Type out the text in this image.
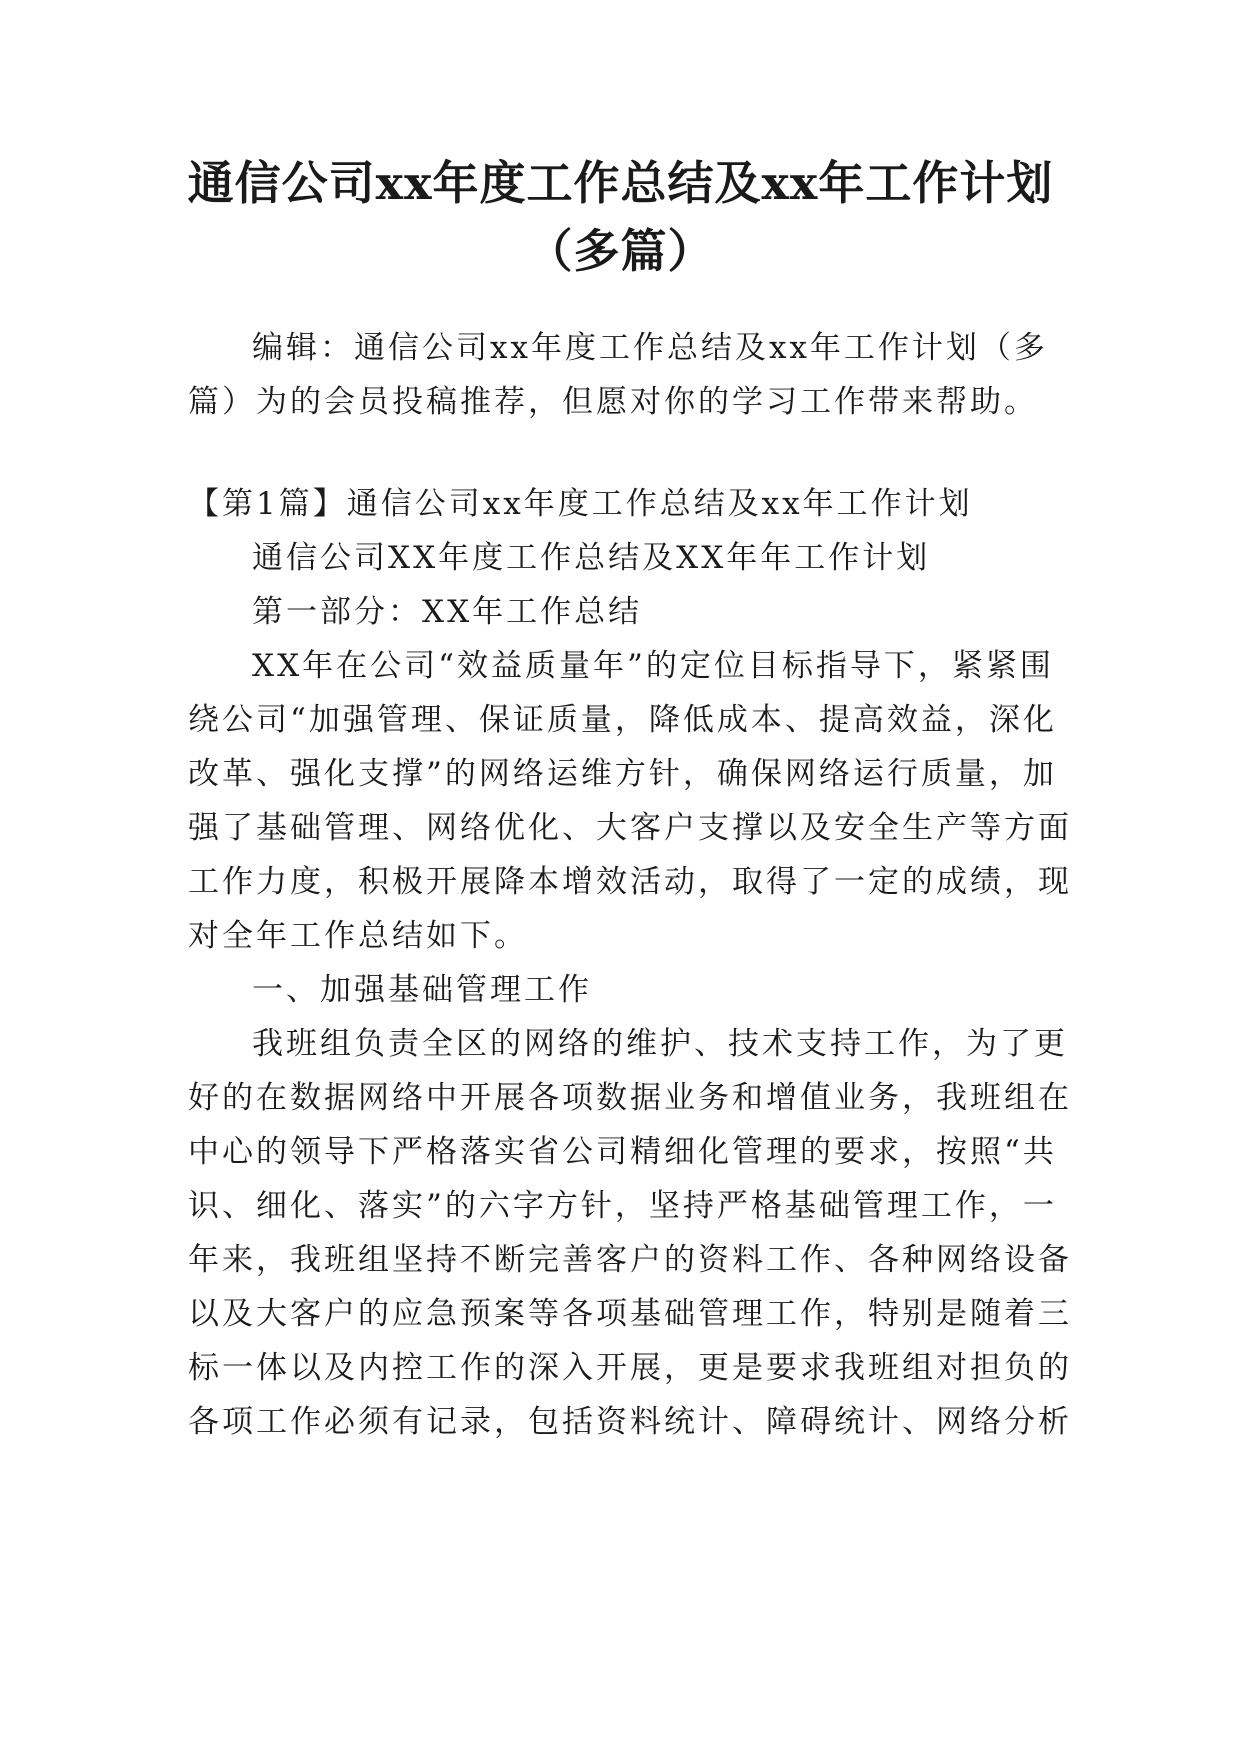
通信公司xx年度工作总结及xx年工作计划
（多篇）

编辑：通信公司xx年度工作总结及xx年工作计划（多

篇）为的会员投稿推荐，但愿对你的学习工作带来帮助。

【第1篇】通信公司xx年度工作总结及xx年工作计划

通信公司XX年度工作总结及XX年年工作计划

第一部分：XX年工作总结

XX年在公司“效益质量年”的定位目标指导下，紧紧围

绕公司“加强管理、保证质量，降低成本、提高效益，深化

改革、强化支撑”的网络运维方针，确保网络运行质量，加

强了基础管理、网络优化、大客户支撑以及安全生产等方面

工作力度，积极开展降本增效活动，取得了一定的成绩，现

对全年工作总结如下。

一、加强基础管理工作

我班组负责全区的网络的维护、技术支持工作，为了更

好的在数据网络中开展各项数据业务和增值业务，我班组在

中心的领导下严格落实省公司精细化管理的要求，按照“共

识、细化、落实”的六字方针，坚持严格基础管理工作，一

年来，我班组坚持不断完善客户的资料工作、各种网络设备

以及大客户的应急预案等各项基础管理工作，特别是随着三

标一体以及内控工作的深入开展，更是要求我班组对担负的

各项工作必须有记录，包括资料统计、障碍统计、网络分析
